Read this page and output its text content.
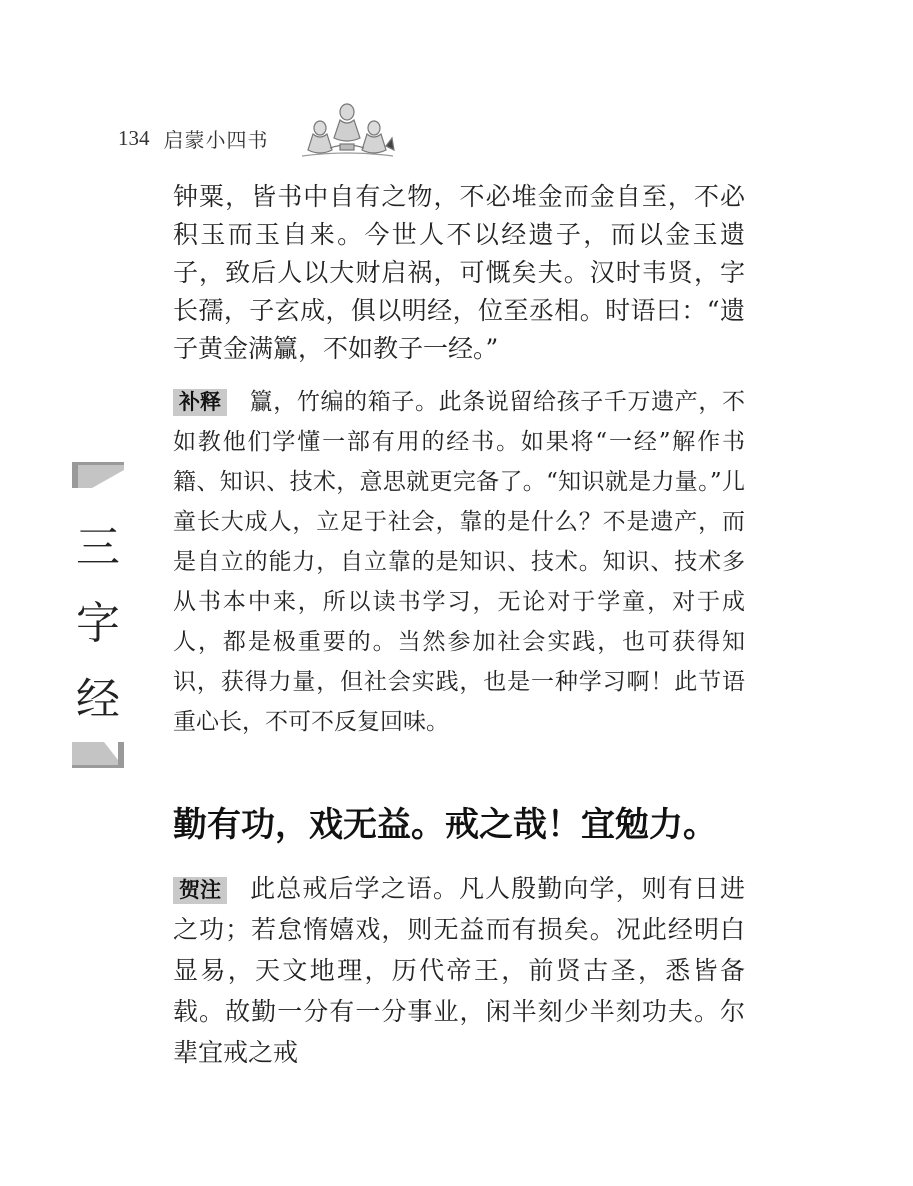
134 启蒙小四书
三
字
经

钟粟，皆书中自有之物，不必堆金而金自至，不必积玉而玉自来。今世人不以经遗子，而以金玉遗子，致后人以大财启祸，可慨矣夫。汉时韦贤，字长孺，子玄成，俱以明经，位至丞相。时语曰：“遗子黄金满籯，不如教子一经。”

补释 籯，竹编的箱子。此条说留给孩子千万遗产，不如教他们学懂一部有用的经书。如果将“一经”解作书籍、知识、技术，意思就更完备了。“知识就是力量。”儿童长大成人，立足于社会，靠的是什么？不是遗产，而是自立的能力，自立靠的是知识、技术。知识、技术多从书本中来，所以读书学习，无论对于学童，对于成人，都是极重要的。当然参加社会实践，也可获得知识，获得力量，但社会实践，也是一种学习啊！此节语重心长，不可不反复回味。

勤有功，戏无益。戒之哉！宜勉力。

贺注 此总戒后学之语。凡人殷勤向学，则有日进之功；若怠惰嬉戏，则无益而有损矣。况此经明白显易，天文地理，历代帝王，前贤古圣，悉皆备载。故勤一分有一分事业，闲半刻少半刻功夫。尔辈宜戒之戒
